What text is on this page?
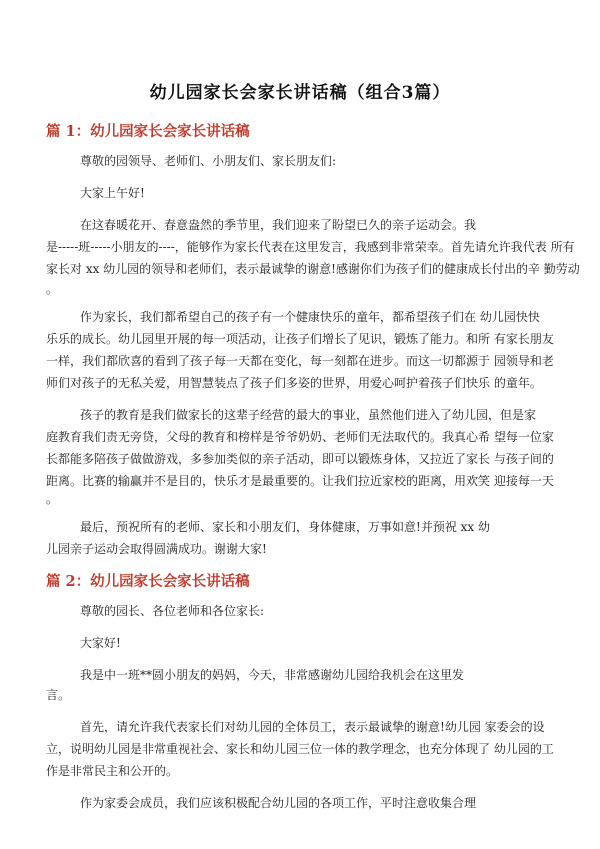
幼儿园家长会家长讲话稿（组合3篇）
篇 1：幼儿园家长会家长讲话稿
尊敬的园领导、老师们、小朋友们、家长朋友们:
大家上午好!
在这春暖花开、春意盎然的季节里，我们迎来了盼望已久的亲子运动会。我
是-----班-----小朋友的----，能够作为家长代表在这里发言，我感到非常荣幸。首先请允许我代表 所有
家长对 xx 幼儿园的领导和老师们，表示最诚挚的谢意!感谢你们为孩子们的健康成长付出的辛 勤劳动
。
作为家长，我们都希望自己的孩子有一个健康快乐的童年，都希望孩子们在 幼儿园快快
乐乐的成长。幼儿园里开展的每一项活动，让孩子们增长了见识，锻炼了能力。和所 有家长朋友
一样，我们都欣喜的看到了孩子每一天都在变化，每一刻都在进步。而这一切都源于 园领导和老
师们对孩子的无私关爱，用智慧装点了孩子们多姿的世界，用爱心呵护着孩子们快乐 的童年。
孩子的教育是我们做家长的这辈子经营的最大的事业，虽然他们进入了幼儿园，但是家
庭教育我们责无旁贷，父母的教育和榜样是爷爷奶奶、老师们无法取代的。我真心希 望每一位家
长都能多陪孩子做做游戏，多参加类似的亲子活动，即可以锻炼身体，又拉近了家长 与孩子间的
距离。比赛的输赢并不是目的，快乐才是最重要的。让我们拉近家校的距离，用欢笑 迎接每一天
。
最后，预祝所有的老师、家长和小朋友们，身体健康，万事如意!并预祝 xx 幼
儿园亲子运动会取得圆满成功。谢谢大家!
篇 2：幼儿园家长会家长讲话稿
尊敬的园长、各位老师和各位家长:
大家好!
我是中一班**圆小朋友的妈妈，今天，非常感谢幼儿园给我机会在这里发
言。
首先，请允许我代表家长们对幼儿园的全体员工，表示最诚挚的谢意!幼儿园 家委会的设
立，说明幼儿园是非常重视社会、家长和幼儿园三位一体的教学理念，也充分体现了 幼儿园的工
作是非常民主和公开的。
作为家委会成员，我们应该积极配合幼儿园的各项工作，平时注意收集合理
